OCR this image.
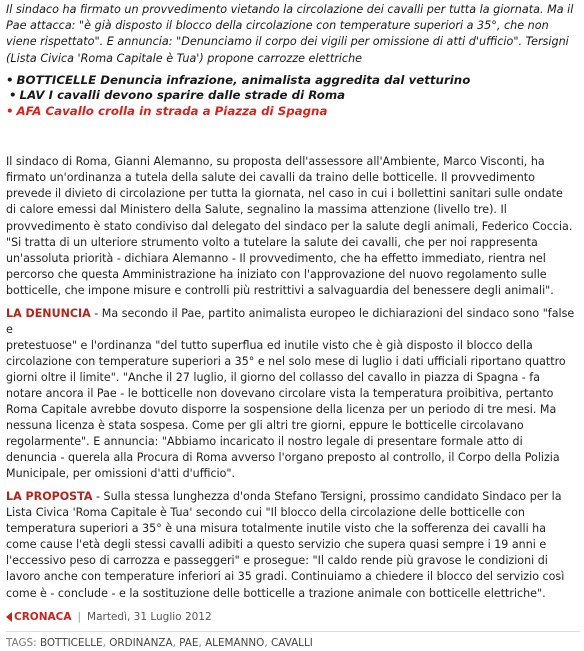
Il sindaco ha firmato un provvedimento vietando la circolazione dei cavalli per tutta la giornata. Ma il
Pae attacca: "è già disposto il blocco della circolazione con temperature superiori a 35°, che non
viene rispettato". E annuncia: "Denunciamo il corpo dei vigili per omissione di atti d'ufficio". Tersigni
(Lista Civica 'Roma Capitale è Tua') propone carrozze elettriche

• BOTTICELLE Denuncia infrazione, animalista aggredita dal vetturino
• LAV I cavalli devono sparire dalle strade di Roma
• AFA Cavallo crolla in strada a Piazza di Spagna

Il sindaco di Roma, Gianni Alemanno, su proposta dell'assessore all'Ambiente, Marco Visconti, ha
firmato un'ordinanza a tutela della salute dei cavalli da traino delle botticelle. Il provvedimento
prevede il divieto di circolazione per tutta la giornata, nel caso in cui i bollettini sanitari sulle ondate
di calore emessi dal Ministero della Salute, segnalino la massima attenzione (livello tre). Il
provvedimento è stato condiviso dal delegato del sindaco per la salute degli animali, Federico Coccia.
"Si tratta di un ulteriore strumento volto a tutelare la salute dei cavalli, che per noi rappresenta
un'assoluta priorità - dichiara Alemanno - Il provvedimento, che ha effetto immediato, rientra nel
percorso che questa Amministrazione ha iniziato con l'approvazione del nuovo regolamento sulle
botticelle, che impone misure e controlli più restrittivi a salvaguardia del benessere degli animali".

LA DENUNCIA - Ma secondo il Pae, partito animalista europeo le dichiarazioni del sindaco sono "false e
pretestuose" e l'ordinanza "del tutto superflua ed inutile visto che è già disposto il blocco della
circolazione con temperature superiori a 35° e nel solo mese di luglio i dati ufficiali riportano quattro
giorni oltre il limite". "Anche il 27 luglio, il giorno del collasso del cavallo in piazza di Spagna - fa
notare ancora il Pae - le botticelle non dovevano circolare vista la temperatura proibitiva, pertanto
Roma Capitale avrebbe dovuto disporre la sospensione della licenza per un periodo di tre mesi. Ma
nessuna licenza è stata sospesa. Come per gli altri tre giorni, eppure le botticelle circolavano
regolarmente". E annuncia: "Abbiamo incaricato il nostro legale di presentare formale atto di
denuncia - querela alla Procura di Roma avverso l'organo preposto al controllo, il Corpo della Polizia
Municipale, per omissioni d'atti d'ufficio".

LA PROPOSTA - Sulla stessa lunghezza d'onda Stefano Tersigni, prossimo candidato Sindaco per la
Lista Civica 'Roma Capitale è Tua' secondo cui "Il blocco della circolazione delle botticelle con
temperatura superiori a 35° è una misura totalmente inutile visto che la sofferenza dei cavalli ha
come cause l'età degli stessi cavalli adibiti a questo servizio che supera quasi sempre i 19 anni e
l'eccessivo peso di carrozza e passeggeri" e prosegue: "Il caldo rende più gravose le condizioni di
lavoro anche con temperature inferiori ai 35 gradi. Continuiamo a chiedere il blocco del servizio così
come è - conclude - e la sostituzione delle botticelle a trazione animale con botticelle elettriche".

CRONACA | Martedì, 31 Luglio 2012
TAGS: BOTTICELLE, ORDINANZA, PAE, ALEMANNO, CAVALLI
